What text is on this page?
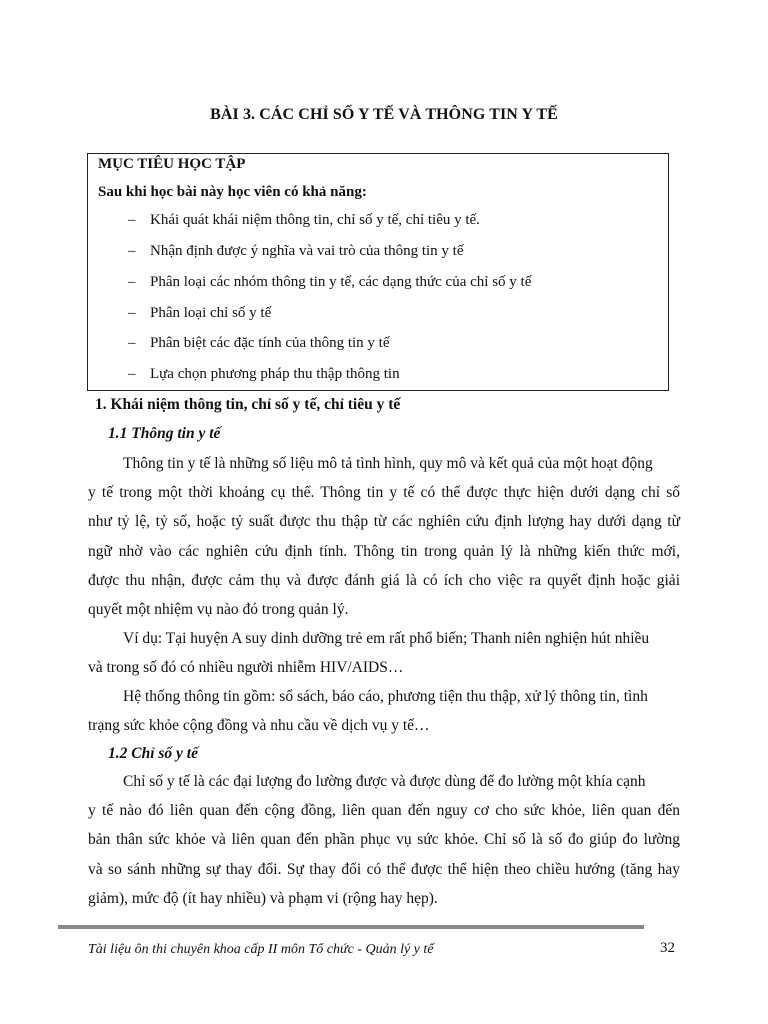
BÀI 3. CÁC CHỈ SỐ Y TẾ VÀ THÔNG TIN Y TẾ
MỤC TIÊU HỌC TẬP
Sau khi học bài này học viên có khả năng:
– Khái quát khái niệm thông tin, chỉ số y tế, chỉ tiêu y tế.
– Nhận định được ý nghĩa và vai trò của thông tin y tế
– Phân loại các nhóm thông tin y tế, các dạng thức của chỉ số y tế
– Phân loại chỉ số y tế
– Phân biệt các đặc tính của thông tin y tế
– Lựa chọn phương pháp thu thập thông tin
1. Khái niệm thông tin, chỉ số y tế, chỉ tiêu y tế
1.1 Thông tin y tế
Thông tin y tế là những số liệu mô tả tình hình, quy mô và kết quả của một hoạt động
y tế trong một thời khoảng cụ thể. Thông tin y tế có thể được thực hiện dưới dạng chỉ số
như tỷ lệ, tỷ số, hoặc tỷ suất được thu thập từ các nghiên cứu định lượng hay dưới dạng từ
ngữ nhờ vào các nghiên cứu định tính. Thông tin trong quản lý là những kiến thức mới,
được thu nhận, được cảm thụ và được đánh giá là có ích cho việc ra quyết định hoặc giải
quyết một nhiệm vụ nào đó trong quản lý.
Ví dụ: Tại huyện A suy dinh dưỡng trẻ em rất phổ biến; Thanh niên nghiện hút nhiều
và trong số đó có nhiều người nhiễm HIV/AIDS…
Hệ thống thông tin gồm: sổ sách, báo cáo, phương tiện thu thập, xử lý thông tin, tình
trạng sức khỏe cộng đồng và nhu cầu về dịch vụ y tế…
1.2 Chỉ số y tế
Chỉ số y tế là các đại lượng đo lường được và được dùng để đo lường một khía cạnh
y tế nào đó liên quan đến cộng đồng, liên quan đến nguy cơ cho sức khỏe, liên quan đến
bản thân sức khỏe và liên quan đến phần phục vụ sức khỏe. Chỉ số là số đo giúp đo lường
và so sánh những sự thay đổi. Sự thay đổi có thể được thể hiện theo chiều hướng (tăng hay
giảm), mức độ (ít hay nhiều) và phạm vi (rộng hay hẹp).
Tài liệu ôn thi chuyên khoa cấp II môn Tổ chức - Quản lý y tế	32
